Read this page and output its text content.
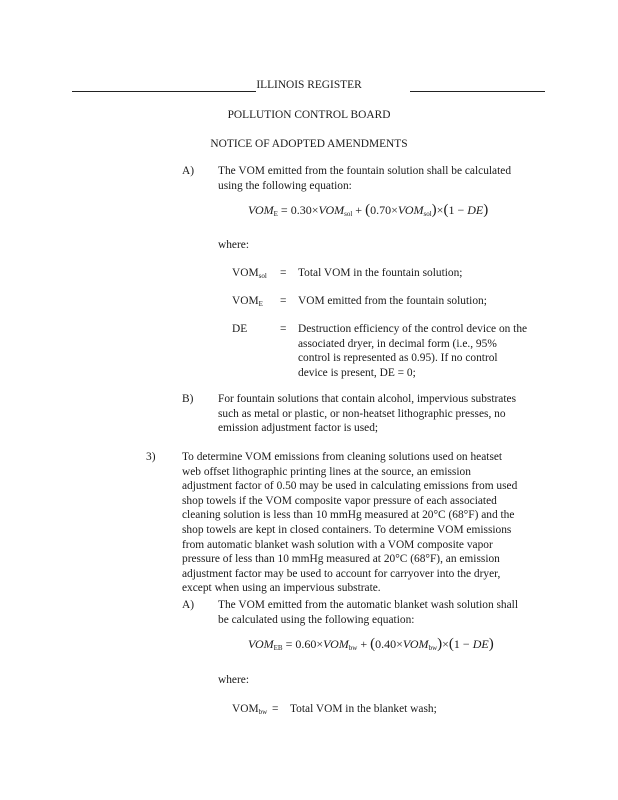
ILLINOIS REGISTER
POLLUTION CONTROL BOARD
NOTICE OF ADOPTED AMENDMENTS
A) The VOM emitted from the fountain solution shall be calculated
using the following equation:
$VOM_E = 0.30\times VOM_{sol} + (0.70\times VOM_{sol})\times(1 - DE)$
where:
$VOM_{sol}$ = Total VOM in the fountain solution;
$VOM_E$ = VOM emitted from the fountain solution;
DE	= Destruction efficiency of the control device on the
associated dryer, in decimal form (i.e., 95%
control is represented as 0.95). If no control
device is present, DE = 0;
B) For fountain solutions that contain alcohol, impervious substrates
such as metal or plastic, or non-heatset lithographic presses, no
emission adjustment factor is used;
3) To determine VOM emissions from cleaning solutions used on heatset
web offset lithographic printing lines at the source, an emission
adjustment factor of 0.50 may be used in calculating emissions from used
shop towels if the VOM composite vapor pressure of each associated
cleaning solution is less than 10 mmHg measured at 20°C (68°F) and the
shop towels are kept in closed containers. To determine VOM emissions
from automatic blanket wash solution with a VOM composite vapor
pressure of less than 10 mmHg measured at 20°C (68°F), an emission
adjustment factor may be used to account for carryover into the dryer,
except when using an impervious substrate.
A) The VOM emitted from the automatic blanket wash solution shall
be calculated using the following equation:
$VOM_{EB} = 0.60\times VOM_{bw} + (0.40\times VOM_{bw})\times(1 - DE)$
where:
$VOM_{bw}$ = Total VOM in the blanket wash;
